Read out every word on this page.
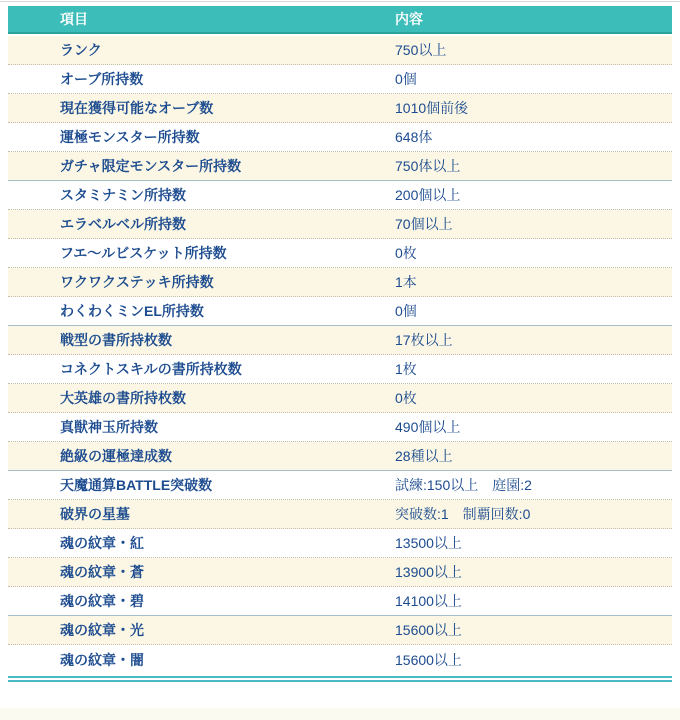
項目	内容
ランク	750以上
オーブ所持数	0個
現在獲得可能なオーブ数	1010個前後
運極モンスター所持数	648体
ガチャ限定モンスター所持数	750体以上
スタミナミン所持数	200個以上
エラベルベル所持数	70個以上
フエ〜ルビスケット所持数	0枚
ワクワクステッキ所持数	1本
わくわくミンEL所持数	0個
戦型の書所持枚数	17枚以上
コネクトスキルの書所持枚数	1枚
大英雄の書所持枚数	0枚
真獣神玉所持数	490個以上
絶級の運極達成数	28種以上
天魔通算BATTLE突破数	試練:150以上　庭園:2
破界の星墓	突破数:1　制覇回数:0
魂の紋章・紅	13500以上
魂の紋章・蒼	13900以上
魂の紋章・碧	14100以上
魂の紋章・光	15600以上
魂の紋章・闇	15600以上
